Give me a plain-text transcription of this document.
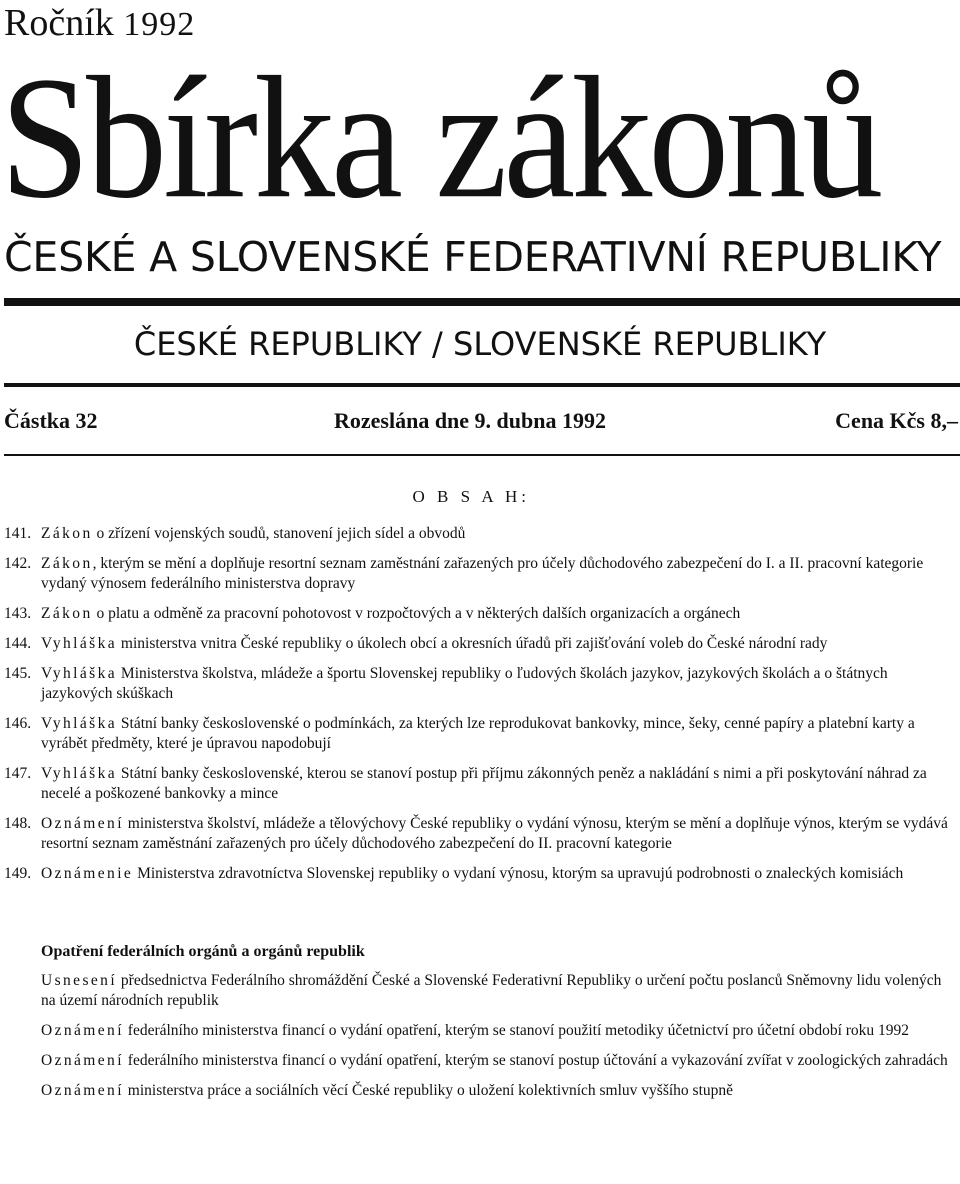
Ročník 1992
Sbírka zákonů
ČESKÉ A SLOVENSKÉ FEDERATIVNÍ REPUBLIKY
ČESKÉ REPUBLIKY / SLOVENSKÉ REPUBLIKY
Částka 32	Rozeslána dne 9. dubna 1992	Cena Kčs 8,–
O B S A H:
141. Zákon o zřízení vojenských soudů, stanovení jejich sídel a obvodů
142. Zákon, kterým se mění a doplňuje resortní seznam zaměstnání zařazených pro účely důchodového zabezpečení do I. a II. pracovní kategorie vydaný výnosem federálního ministerstva dopravy
143. Zákon o platu a odměně za pracovní pohotovost v rozpočtových a v některých dalších organizacích a orgánech
144. Vyhláška ministerstva vnitra České republiky o úkolech obcí a okresních úřadů při zajišťování voleb do České národní rady
145. Vyhláška Ministerstva školstva, mládeže a športu Slovenskej republiky o ľudových školách jazykov, jazykových školách a o štátnych jazykových skúškach
146. Vyhláška Státní banky československé o podmínkách, za kterých lze reprodukovat bankovky, mince, šeky, cenné papíry a platební karty a vyrábět předměty, které je úpravou napodobují
147. Vyhláška Státní banky československé, kterou se stanoví postup při příjmu zákonných peněz a nakládání s nimi a při poskytování náhrad za necelé a poškozené bankovky a mince
148. Oznámení ministerstva školství, mládeže a tělovýchovy České republiky o vydání výnosu, kterým se mění a doplňuje výnos, kterým se vydává resortní seznam zaměstnání zařazených pro účely důchodového zabezpečení do II. pracovní kategorie
149. Oznámenie Ministerstva zdravotníctva Slovenskej republiky o vydaní výnosu, ktorým sa upravujú podrobnosti o znaleckých komisiách
Opatření federálních orgánů a orgánů republik
Usnesení předsednictva Federálního shromáždění České a Slovenské Federativní Republiky o určení počtu poslanců Sněmovny lidu volených na území národních republik
Oznámení federálního ministerstva financí o vydání opatření, kterým se stanoví použití metodiky účetnictví pro účetní období roku 1992
Oznámení federálního ministerstva financí o vydání opatření, kterým se stanoví postup účtování a vykazování zvířat v zoologických zahradách
Oznámení ministerstva práce a sociálních věcí České republiky o uložení kolektivních smluv vyššího stupně
